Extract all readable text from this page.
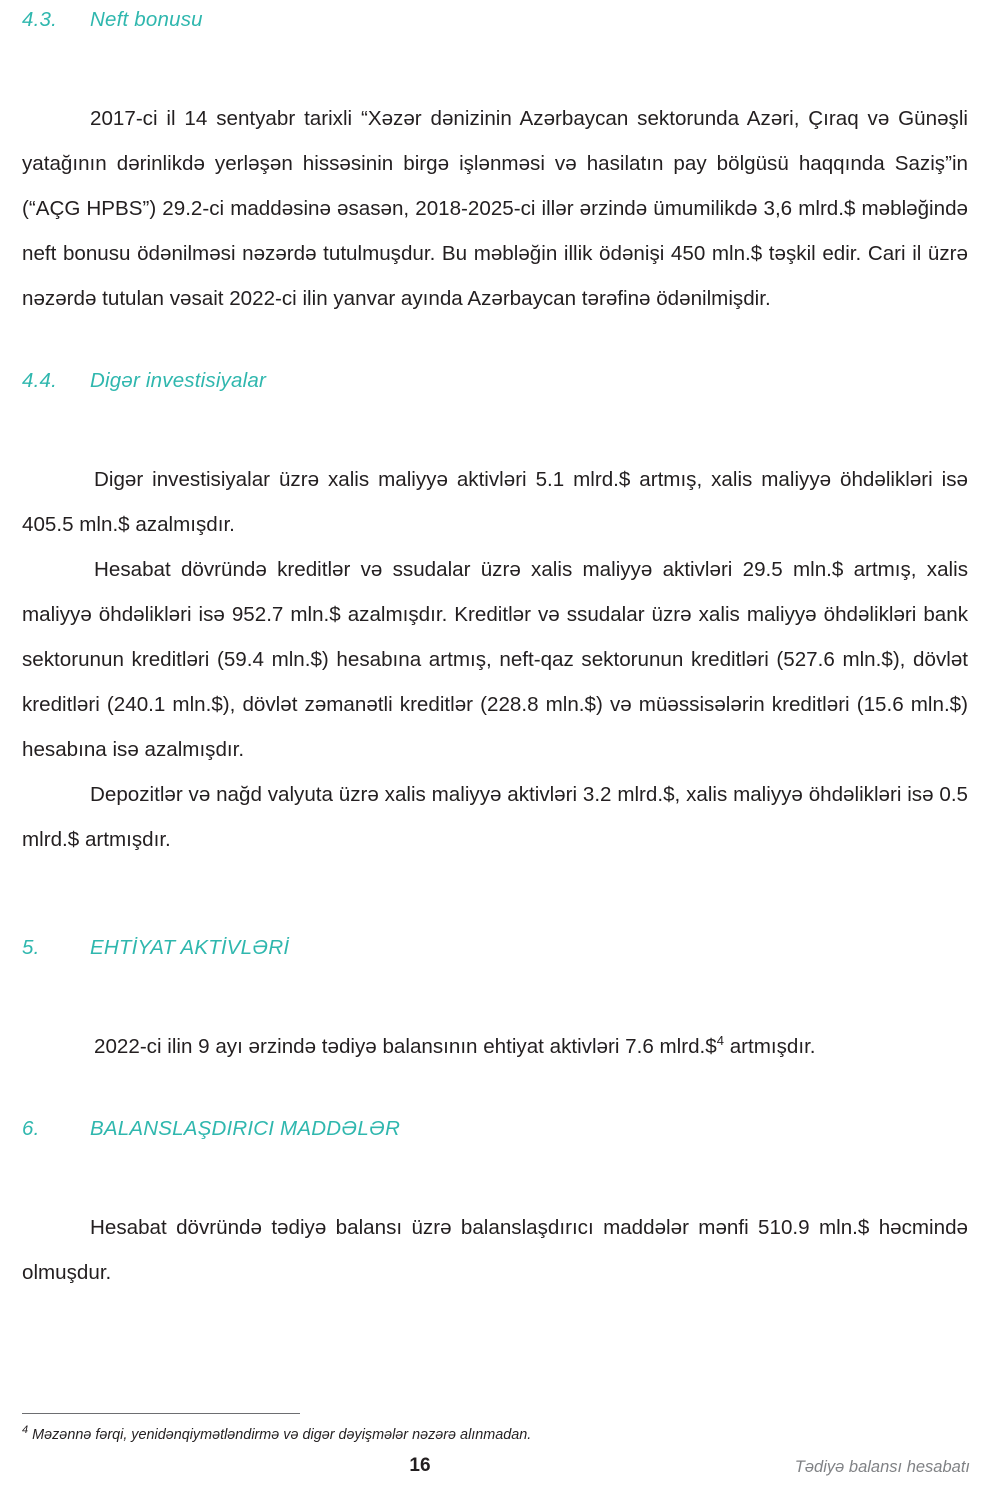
4.3.	Neft bonusu

2017-ci il 14 sentyabr tarixli “Xəzər dənizinin Azərbaycan sektorunda Azəri, Çıraq və Günəşli yatağının dərinlikdə yerləşən hissəsinin birgə işlənməsi və hasilatın pay bölgüsü haqqında Saziş”in (“AÇG HPBS”) 29.2-ci maddəsinə əsasən, 2018-2025-ci illər ərzində ümumilikdə 3,6 mlrd.$ məbləğində neft bonusu ödənilməsi nəzərdə tutulmuşdur. Bu məbləğin illik ödənişi 450 mln.$ təşkil edir. Cari il üzrə nəzərdə tutulan vəsait 2022-ci ilin yanvar ayında Azərbaycan tərəfinə ödənilmişdir.

4.4.	Digər investisiyalar

Digər investisiyalar üzrə xalis maliyyə aktivləri 5.1 mlrd.$ artmış, xalis maliyyə öhdəlikləri isə 405.5 mln.$ azalmışdır.

Hesabat dövründə kreditlər və ssudalar üzrə xalis maliyyə aktivləri 29.5 mln.$ artmış, xalis maliyyə öhdəlikləri isə 952.7 mln.$ azalmışdır. Kreditlər və ssudalar üzrə xalis maliyyə öhdəlikləri bank sektorunun kreditləri (59.4 mln.$) hesabına artmış, neft-qaz sektorunun kreditləri (527.6 mln.$), dövlət kreditləri (240.1 mln.$), dövlət zəmanətli kreditlər (228.8 mln.$) və müəssisələrin kreditləri (15.6 mln.$) hesabına isə azalmışdır.

Depozitlər və nağd valyuta üzrə xalis maliyyə aktivləri 3.2 mlrd.$, xalis maliyyə öhdəlikləri isə 0.5 mlrd.$ artmışdır.

5.	EHTİYAT AKTİVLƏRİ

2022-ci ilin 9 ayı ərzində tədiyə balansının ehtiyat aktivləri 7.6 mlrd.\$$^4$ artmışdır.

6.	BALANSLAŞDIRICI MADDƏLƏR

Hesabat dövründə tədiyə balansı üzrə balanslaşdırıcı maddələr mənfi 510.9 mln.$ həcmində olmuşdur.

$^4$ Məzənnə fərqi, yenidənqiymətləndirmə və digər dəyişmələr nəzərə alınmadan.
16	Tədiyə balansı hesabatı
